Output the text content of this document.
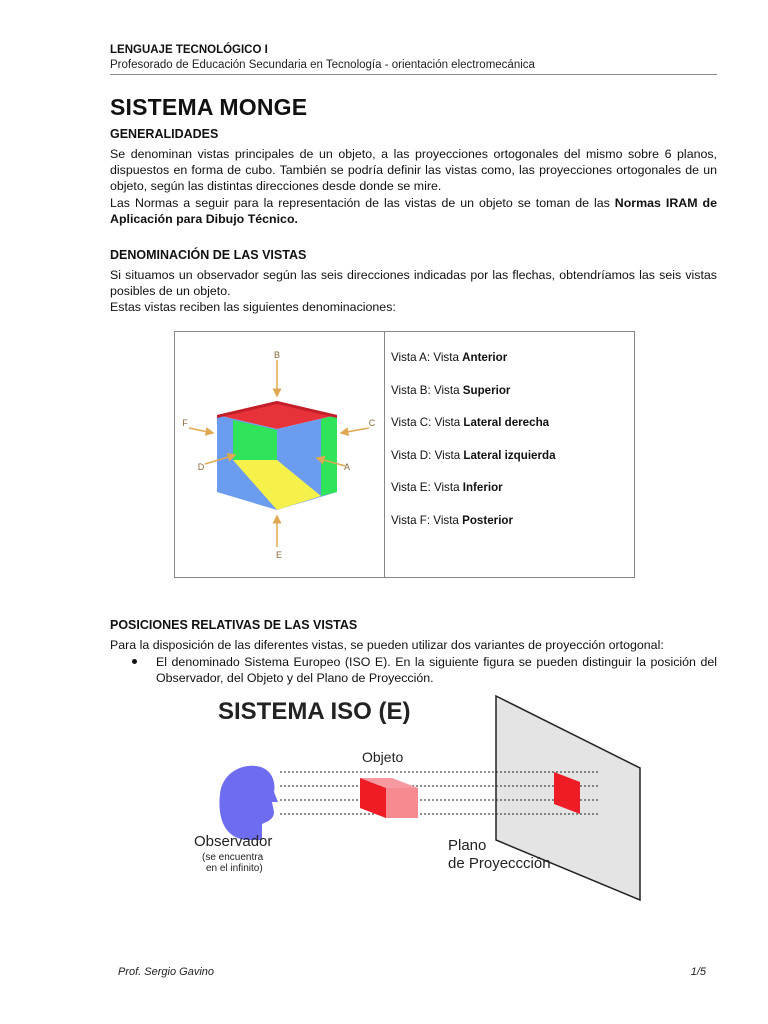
LENGUAJE TECNOLÓGICO I
Profesorado de Educación Secundaria en Tecnología - orientación electromecánica
SISTEMA MONGE
GENERALIDADES
Se denominan vistas principales de un objeto, a las proyecciones ortogonales del mismo sobre 6 planos, dispuestos en forma de cubo. También se podría definir las vistas como, las proyecciones ortogonales de un objeto, según las distintas direcciones desde donde se mire.
Las Normas a seguir para la representación de las vistas de un objeto se toman de las Normas IRAM de Aplicación para Dibujo Técnico.
DENOMINACIÓN DE LAS VISTAS
Si situamos un observador según las seis direcciones indicadas por las flechas, obtendríamos las seis vistas posibles de un objeto.
Estas vistas reciben las siguientes denominaciones:
B
E
F	C
D	A
Vista A: Vista Anterior
Vista B: Vista Superior
Vista C: Vista Lateral derecha
Vista D: Vista Lateral izquierda
Vista E: Vista Inferior
Vista F: Vista Posterior
POSICIONES RELATIVAS DE LAS VISTAS
Para la disposición de las diferentes vistas, se pueden utilizar dos variantes de proyección ortogonal:
El denominado Sistema Europeo (ISO E). En la siguiente figura se pueden distinguir la posición del Observador, del Objeto y del Plano de Proyección.
SISTEMA ISO (E)
Objeto
Observador
(se encuentra
en el infinito)
Plano
de Proyeccción
Prof. Sergio Gavino	1/5
